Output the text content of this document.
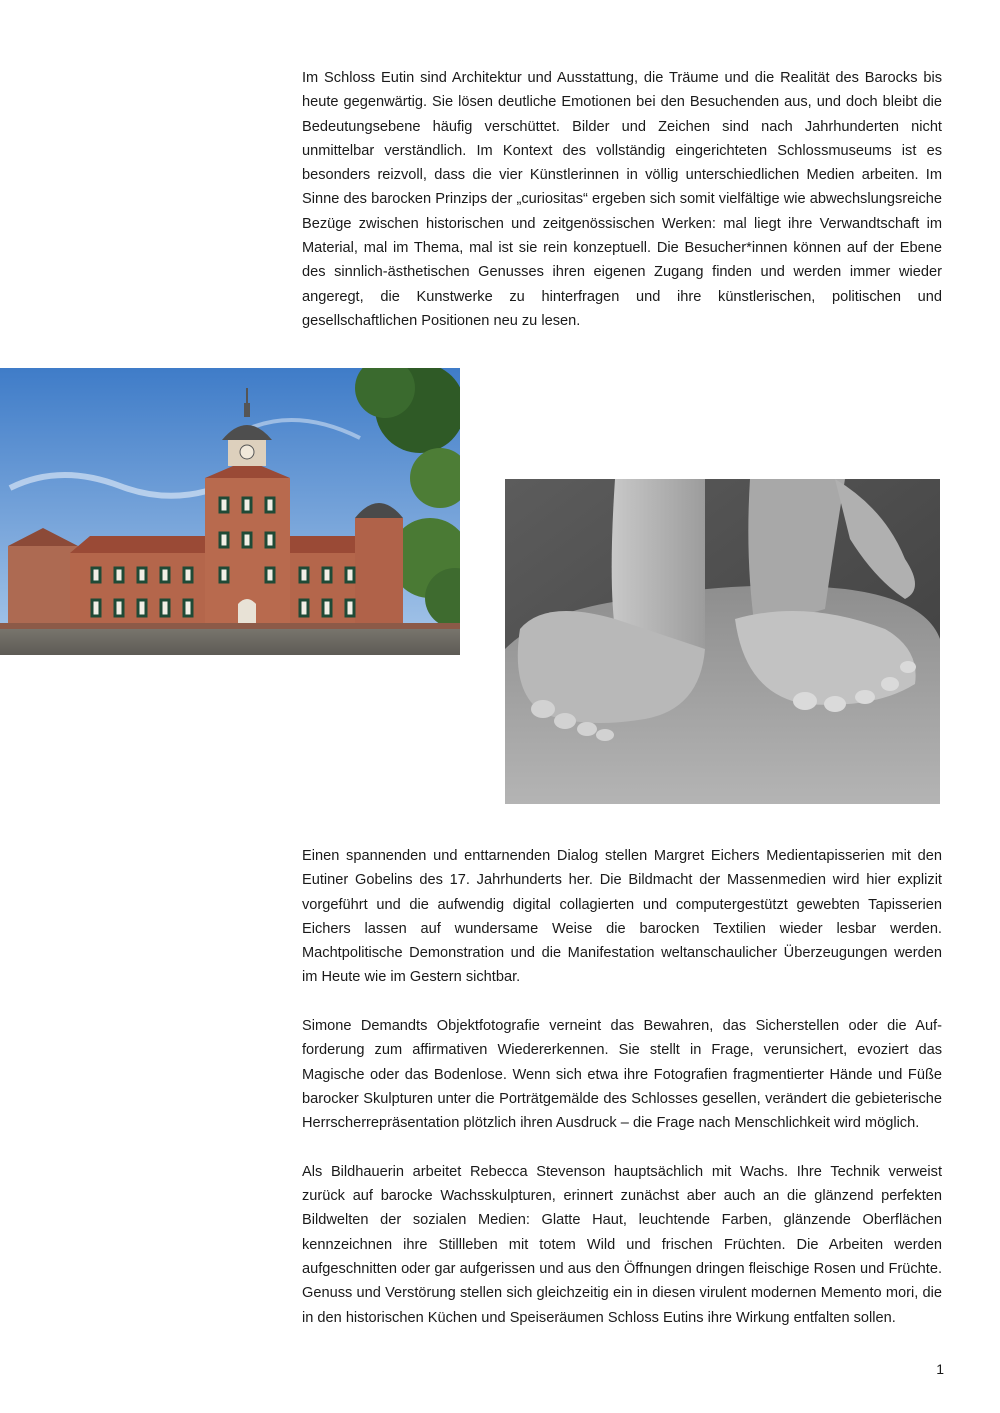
Im Schloss Eutin sind Architektur und Ausstattung, die Träume und die Realität des Barocks bis heute gegenwärtig. Sie lösen deutliche Emotionen bei den Besuchenden aus, und doch bleibt die Bedeutungsebene häufig verschüttet. Bilder und Zeichen sind nach Jahrhunderten nicht unmittelbar verständlich. Im Kontext des vollständig eingerichteten Schlossmuseums ist es besonders reizvoll, dass die vier Künstlerinnen in völlig unterschiedlichen Medien arbeiten. Im Sinne des barocken Prinzips der „curiositas“ ergeben sich somit vielfältige wie abwechslungsreiche Bezüge zwischen historischen und zeitgenössischen Werken: mal liegt ihre Verwandtschaft im Material, mal im Thema, mal ist sie rein konzeptuell. Die Besucher*innen können auf der Ebene des sinnlich-ästhetischen Genusses ihren eigenen Zugang finden und werden immer wieder angeregt, die Kunstwerke zu hinterfragen und ihre künstlerischen, politischen und gesellschaftlichen Positionen neu zu lesen.

Einen spannenden und enttarnenden Dialog stellen Margret Eichers Medientapisserien mit den Eutiner Gobelins des 17. Jahrhunderts her. Die Bildmacht der Massenmedien wird hier explizit vorgeführt und die aufwendig digital collagierten und computergestützt gewebten Tapisserien Eichers lassen auf wundersame Weise die barocken Textilien wieder lesbar werden. Machtpolitische Demonstration und die Manifestation weltanschaulicher Überzeugungen werden im Heute wie im Gestern sichtbar.

Simone Demandts Objektfotografie verneint das Bewahren, das Sicherstellen oder die Aufforderung zum affirmativen Wiedererkennen. Sie stellt in Frage, verunsichert, evoziert das Magische oder das Bodenlose. Wenn sich etwa ihre Fotografien fragmentierter Hände und Füße barocker Skulpturen unter die Porträtgemälde des Schlosses gesellen, verändert die gebieterische Herrscherrepräsentation plötzlich ihren Ausdruck – die Frage nach Menschlichkeit wird möglich.

Als Bildhauerin arbeitet Rebecca Stevenson hauptsächlich mit Wachs. Ihre Technik verweist zurück auf barocke Wachsskulpturen, erinnert zunächst aber auch an die glänzend perfekten Bildwelten der sozialen Medien: Glatte Haut, leuchtende Farben, glänzende Oberflächen kennzeichnen ihre Stillleben mit totem Wild und frischen Früchten. Die Arbeiten werden aufgeschnitten oder gar aufgerissen und aus den Öffnungen dringen fleischige Rosen und Früchte. Genuss und Verstörung stellen sich gleichzeitig ein in diesen virulent modernen Memento mori, die in den historischen Küchen und Speiseräumen Schloss Eutins ihre Wirkung entfalten sollen.

1
